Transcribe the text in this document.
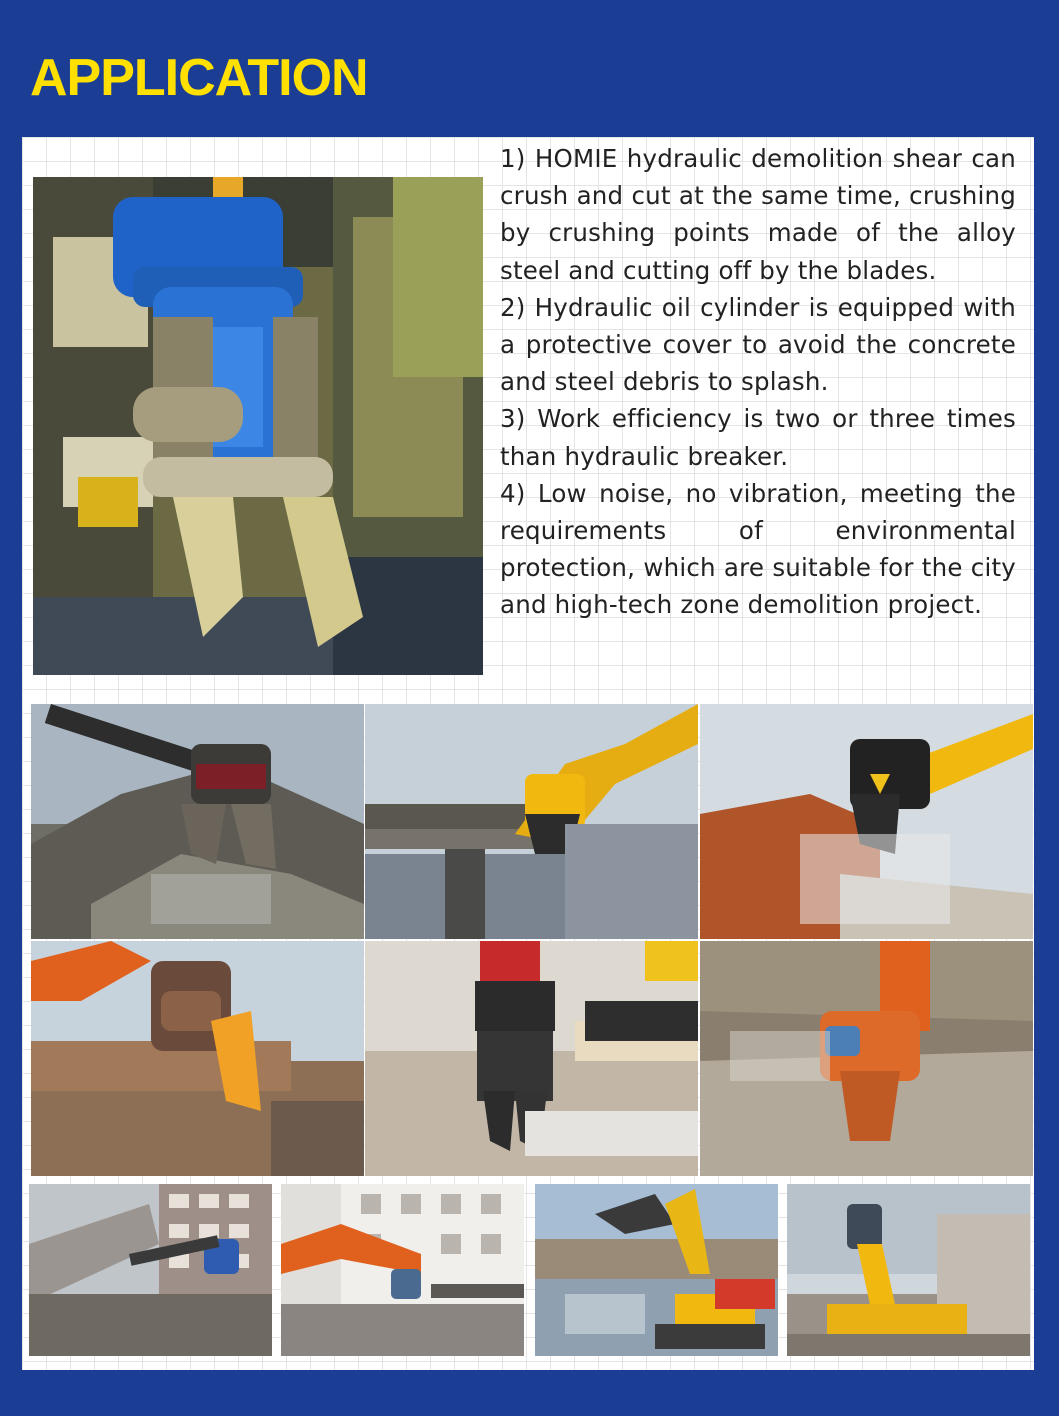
APPLICATION

1) HOMIE hydraulic demolition shear can crush and cut at the same time, crushing by crushing points made of the alloy steel and cutting off by the blades.

2) Hydraulic oil cylinder is equipped with a protective cover to avoid the concrete and steel debris to splash.

3) Work efficiency is two or three times than hydraulic breaker.

4) Low noise, no vibration, meeting the requirements of environmental protection, which are suitable for the city and high-tech zone demolition project.
